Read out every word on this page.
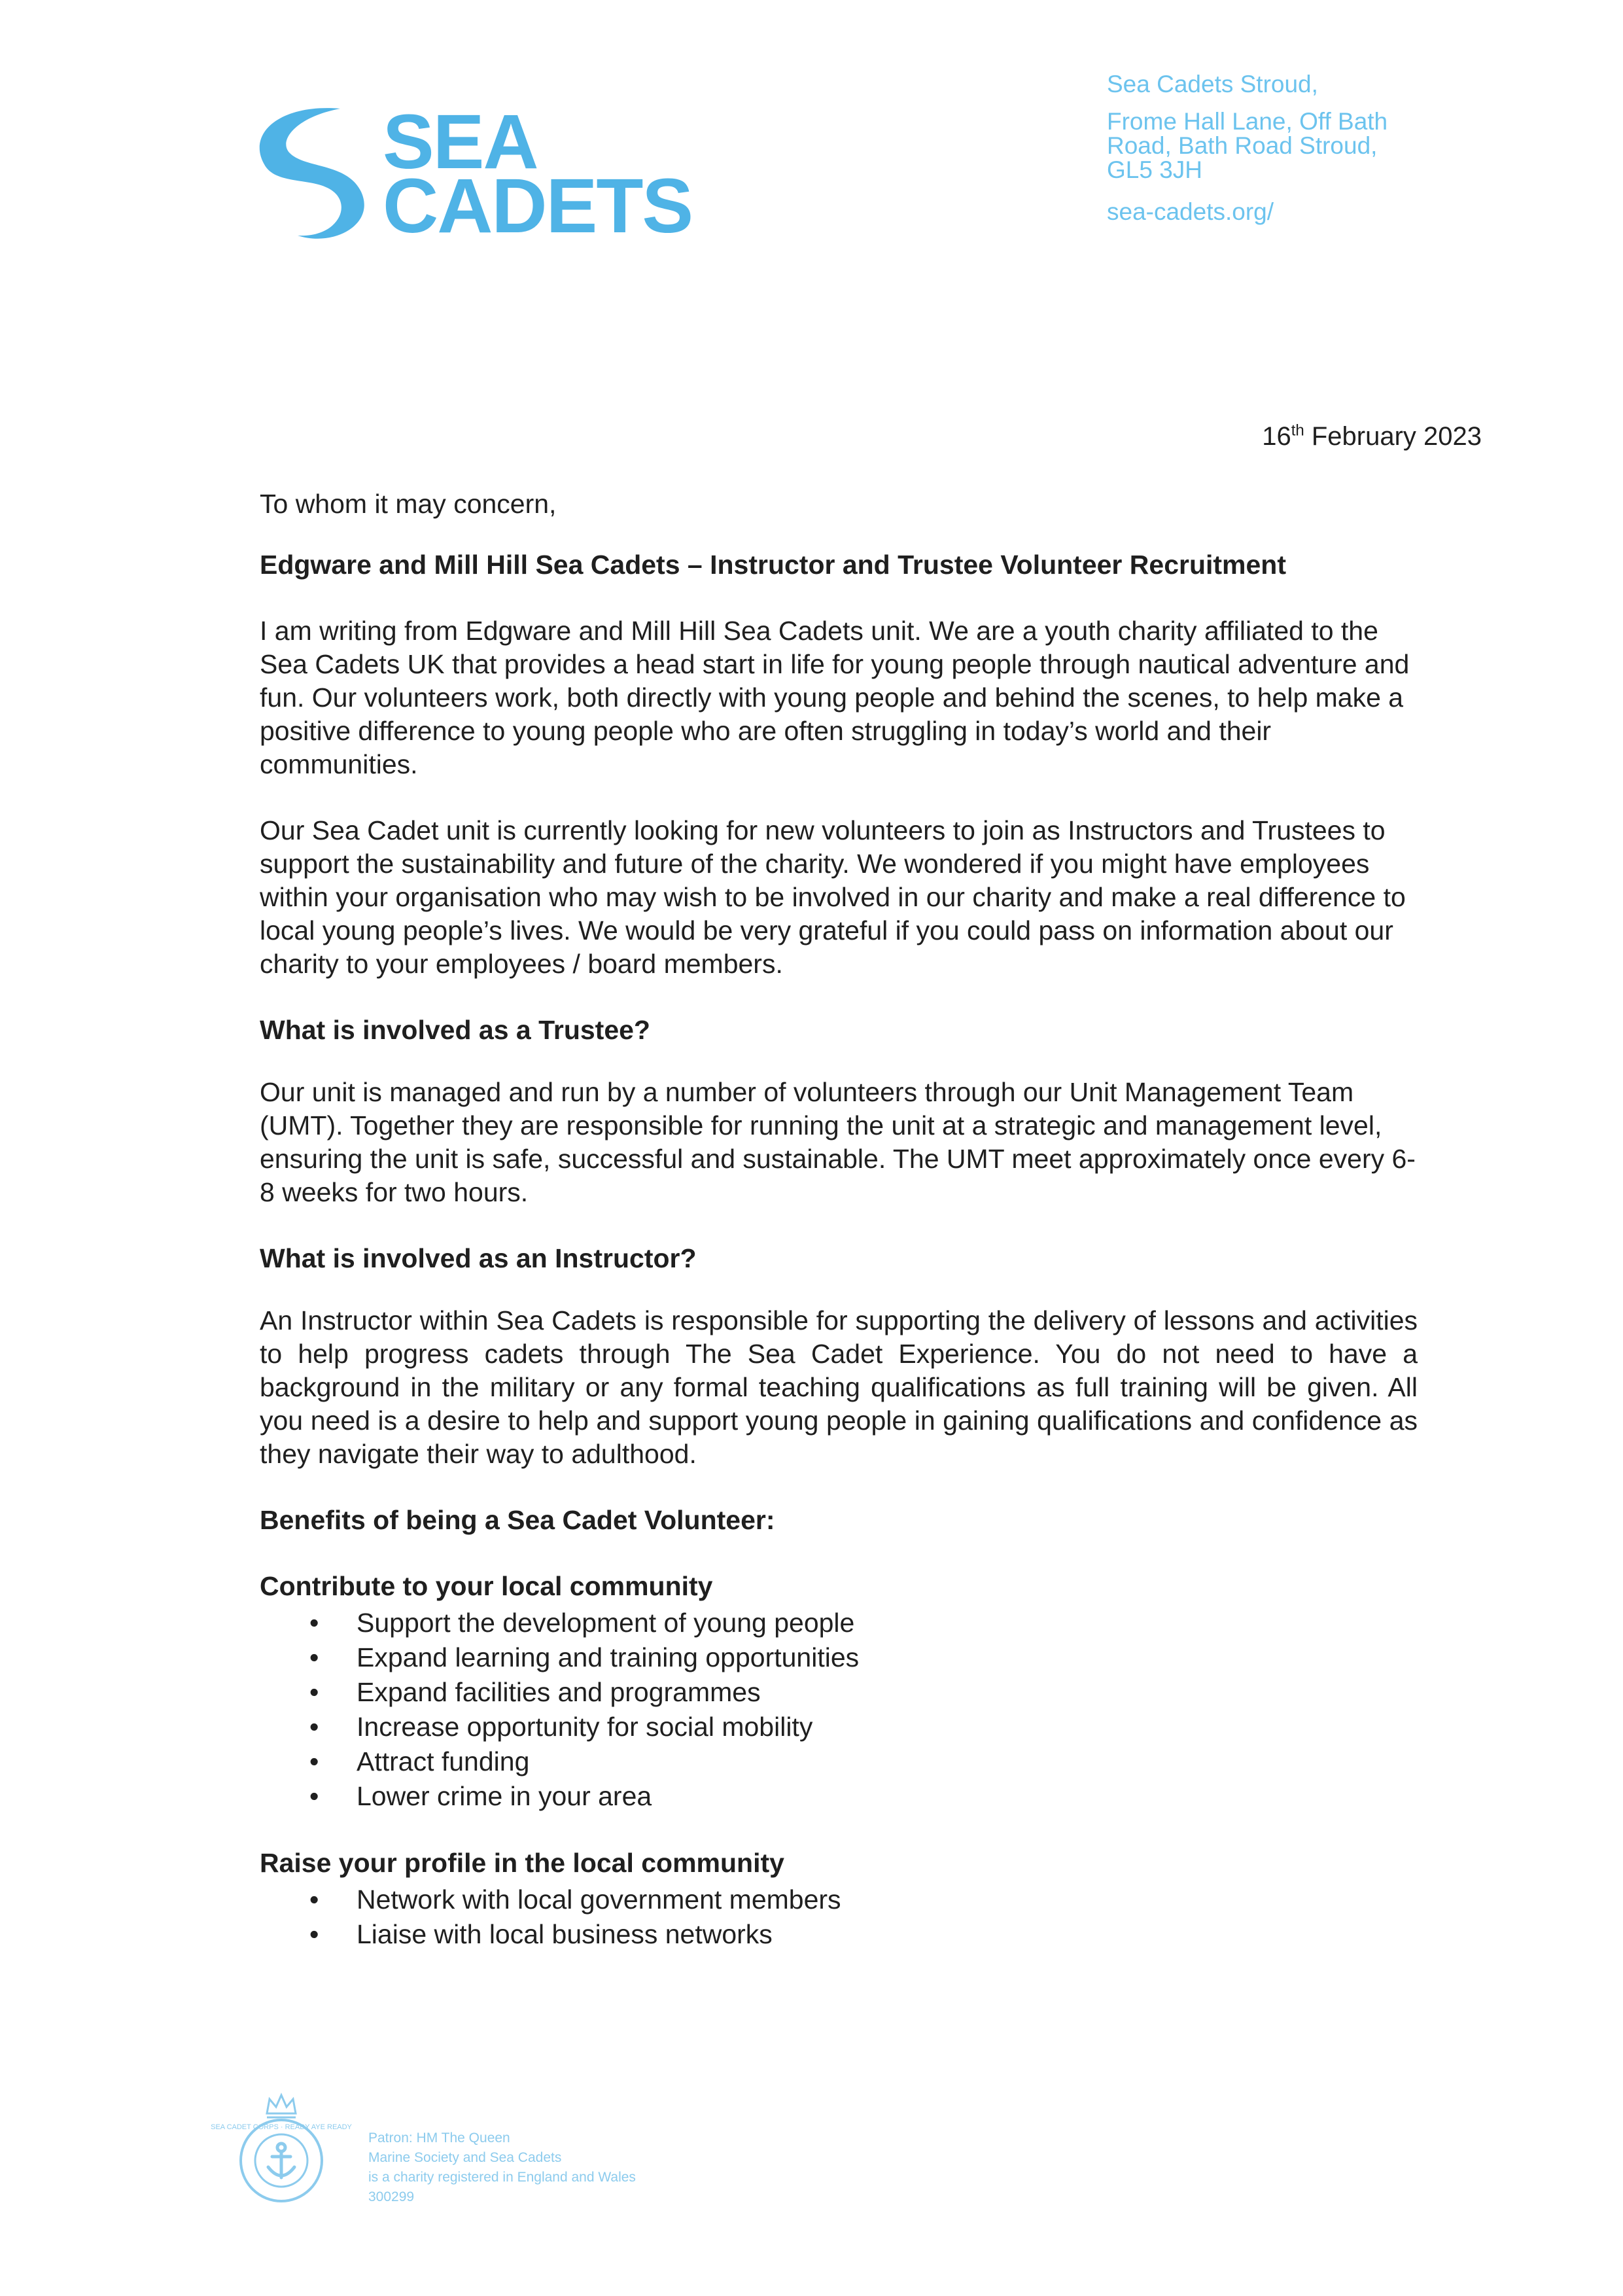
SEA
CADETS
Sea Cadets Stroud,
Frome Hall Lane, Off Bath
Road, Bath Road Stroud,
GL5 3JH
sea-cadets.org/
16th February 2023

To whom it may concern,

Edgware and Mill Hill Sea Cadets – Instructor and Trustee Volunteer Recruitment

I am writing from Edgware and Mill Hill Sea Cadets unit. We are a youth charity affiliated to the Sea Cadets UK that provides a head start in life for young people through nautical adventure and fun. Our volunteers work, both directly with young people and behind the scenes, to help make a positive difference to young people who are often struggling in today’s world and their communities.

Our Sea Cadet unit is currently looking for new volunteers to join as Instructors and Trustees to support the sustainability and future of the charity. We wondered if you might have employees within your organisation who may wish to be involved in our charity and make a real difference to local young people’s lives. We would be very grateful if you could pass on information about our charity to your employees / board members.

What is involved as a Trustee?

Our unit is managed and run by a number of volunteers through our Unit Management Team (UMT). Together they are responsible for running the unit at a strategic and management level, ensuring the unit is safe, successful and sustainable. The UMT meet approximately once every 6-8 weeks for two hours.

What is involved as an Instructor?

An Instructor within Sea Cadets is responsible for supporting the delivery of lessons and activities to help progress cadets through The Sea Cadet Experience. You do not need to have a background in the military or any formal teaching qualifications as full training will be given. All you need is a desire to help and support young people in gaining qualifications and confidence as they navigate their way to adulthood.

Benefits of being a Sea Cadet Volunteer:

Contribute to your local community

• Support the development of young people
• Expand learning and training opportunities
• Expand facilities and programmes
• Increase opportunity for social mobility
• Attract funding
• Lower crime in your area

Raise your profile in the local community

• Network with local government members
• Liaise with local business networks
SEA CADET CORPS · READY AYE READY
Patron: HM The Queen
Marine Society and Sea Cadets
is a charity registered in England and Wales
300299
